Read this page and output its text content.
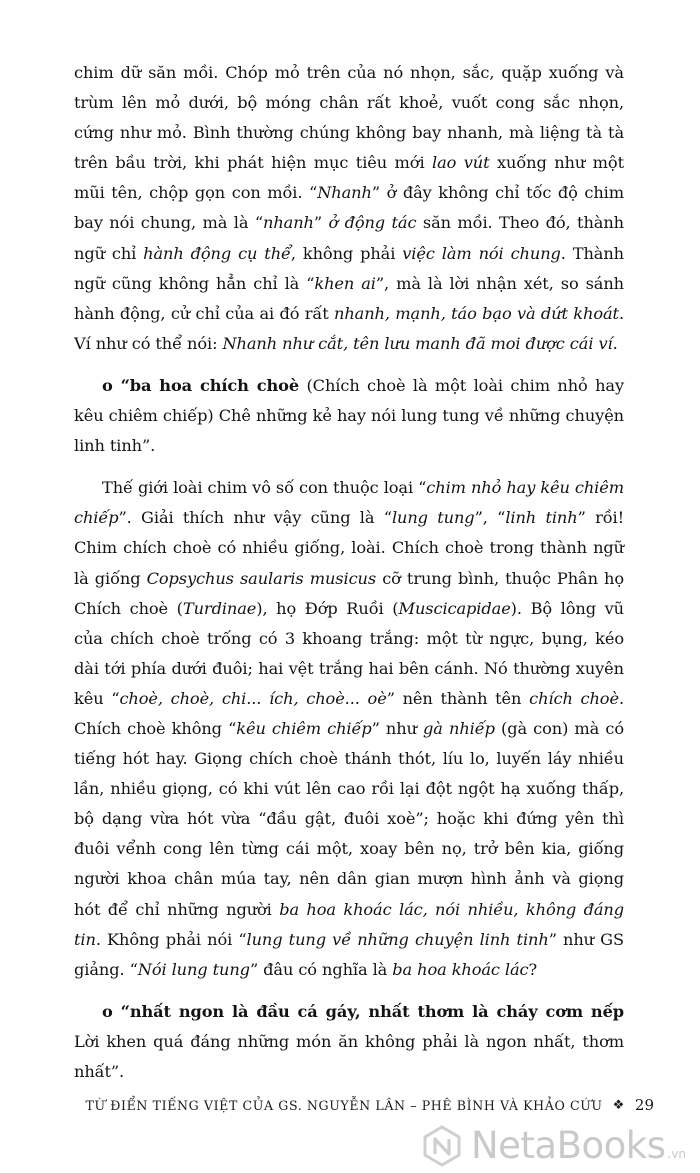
chim dữ săn mồi. Chóp mỏ trên của nó nhọn, sắc, quặp xuống và trùm lên mỏ dưới, bộ móng chân rất khoẻ, vuốt cong sắc nhọn, cứng như mỏ. Bình thường chúng không bay nhanh, mà liệng tà tà trên bầu trời, khi phát hiện mục tiêu mới lao vút xuống như một mũi tên, chộp gọn con mồi. “Nhanh” ở đây không chỉ tốc độ chim bay nói chung, mà là “nhanh” ở động tác săn mồi. Theo đó, thành ngữ chỉ hành động cụ thể, không phải việc làm nói chung. Thành ngữ cũng không hẳn chỉ là “khen ai”, mà là lời nhận xét, so sánh hành động, cử chỉ của ai đó rất nhanh, mạnh, táo bạo và dứt khoát. Ví như có thể nói: Nhanh như cắt, tên lưu manh đã moi được cái ví.

o “ba hoa chích choè (Chích choè là một loài chim nhỏ hay kêu chiêm chiếp) Chê những kẻ hay nói lung tung về những chuyện linh tinh”.

Thế giới loài chim vô số con thuộc loại “chim nhỏ hay kêu chiêm chiếp”. Giải thích như vậy cũng là “lung tung”, “linh tinh” rồi! Chim chích choè có nhiều giống, loài. Chích choè trong thành ngữ là giống Copsychus saularis musicus cỡ trung bình, thuộc Phân họ Chích choè (Turdinae), họ Đớp Ruồi (Muscicapidae). Bộ lông vũ của chích choè trống có 3 khoang trắng: một từ ngực, bụng, kéo dài tới phía dưới đuôi; hai vệt trắng hai bên cánh. Nó thường xuyên kêu “choè, choè, chi... ích, choè... oè” nên thành tên chích choè. Chích choè không “kêu chiêm chiếp” như gà nhiếp (gà con) mà có tiếng hót hay. Giọng chích choè thánh thót, líu lo, luyến láy nhiều lần, nhiều giọng, có khi vút lên cao rồi lại đột ngột hạ xuống thấp, bộ dạng vừa hót vừa “đầu gật, đuôi xoè”; hoặc khi đứng yên thì đuôi vểnh cong lên từng cái một, xoay bên nọ, trở bên kia, giống người khoa chân múa tay, nên dân gian mượn hình ảnh và giọng hót để chỉ những người ba hoa khoác lác, nói nhiều, không đáng tin. Không phải nói “lung tung về những chuyện linh tinh” như GS giảng. “Nói lung tung” đâu có nghĩa là ba hoa khoác lác?

o “nhất ngon là đầu cá gáy, nhất thơm là cháy cơm nếp Lời khen quá đáng những món ăn không phải là ngon nhất, thơm nhất”.

TỪ ĐIỂN TIẾNG VIỆT CỦA GS. NGUYỄN LÂN – PHÊ BÌNH VÀ KHẢO CỨU ❖ 29
NetaBooks .vn
